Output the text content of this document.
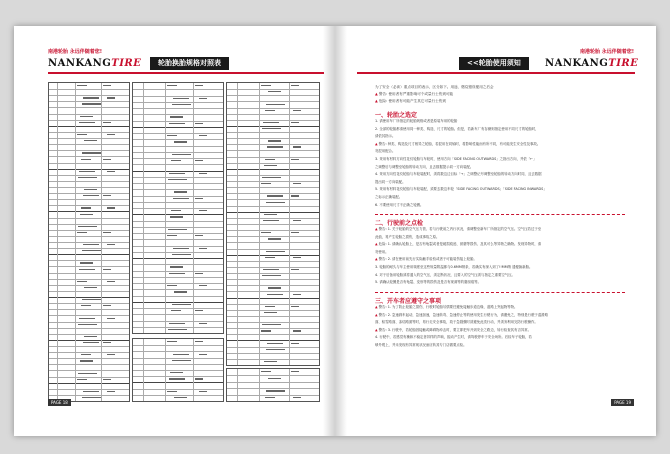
南港轮胎 永远伴随着您!
NANKANGTIRE	轮胎换胎规格对照表
PAGE 18
南港轮胎 永远伴随着您!
<<轮胎使用须知	NANKANGTIRE
为了安全（必读）重点项目的表示，区分如下。用途、燃烧错误便用之后会
▲ 警告: 使用者有严重影响可个或量行士伤到可能
▲ 危险: 使用者有可能产生其它可量行士伤到
一、轮胎之选定
1. 请使用车厂所指定的轮胎规格或者是原装车用的轮胎
2. 全部的轮胎都请使用同一种类、构造、尺寸的轮胎。但是，若新车厂有存储则指定使用不同尺寸的轮胎时，
请依其指示。
▲ 警告: 种类、构造及尺寸相异之轮胎，若混用在同轴时，将影响性能而有所不同，有可能发生安全性及事故。
勿混用配合。
3. 采用有材料方向性花纹轮胎与车轮时，使用方向「SIDE FACING OUTWARDS」之指出方向，并依「←」
之调整后与调整至轮胎的转动方向，且去数据提示同一方向装配。
4. 采用方向性花纹轮胎与车轮装配时，须将数这边目标「→」之调整记号调整至轮胎的转动方向时同，且去数据
提出同一方向装配。
5. 采用有材料花纹轮胎与车轮装配，须要去数这车轮「SIDE FACING OUTWARDS」「SIDE FACING INWARDS」
之标示正确装配。
6. 不要使用尺寸不正确之轮圈。
二、行驶前之点检
▲ 警告: 1. 关于轮胎的空气压力管、若与行驶前之内行状况，请调整至新车厂所指定的空气压。空气压若过于至
此值，易产生轮胎之损伤，造成事故之原。
▲ 危险: 1. 请确认轮胎上，是否有龟裂或者是破损痕迹、被磨等损伤、及其可么等异物之确物。发现异物时，请
勿使用。
▲ 警告: 2. 请在使用前先行实际触手检验或者于可能装伤接上轮胎。
3. 轮胎的耐久与车主使用频度至这些规量附温都与0.6MM纳条，若确实有深入到了!!MM纳 通便换新胎。
4. 对于后备用轮胎须将通入的空气压，须定断状况，且要入的空气压须与指定之重要空气压。
5. 请确认轮圈是否有龟裂、变形等的损伤及是否有现洞等的磨刮痕等。
三、开车者应遵守之事项
▲ 警告: 1. 为了防止轮胎之损伤，行驶时轮胎尽情要任避免接触步道边缘、道路上突起物等物。
▲ 警告: 2. 急速刹车起动，急速加速，急速转弯、急速停止等的使用发生行驶行为，请避免之，特别是行驶于湿滑路
面、积雪路面、冻结路面等时，易行走安全事故，故于急剧骤时须避免此类行动，并须务利用完防行驶操作。
▲ 警告: 3. 行驶中，若轮胎因接触或障碍物冲击时，要立即把车开到安全之路边，转行检查其有否异常。
4. 行驶中，若感觉有操纵不稳定者异样的声响，振动产生时，请驾驶停车于安全场所。后检车子轮胎，若
够外观上，并未发现有异常现状况而应转其专门店做要点检。
PAGE 19
